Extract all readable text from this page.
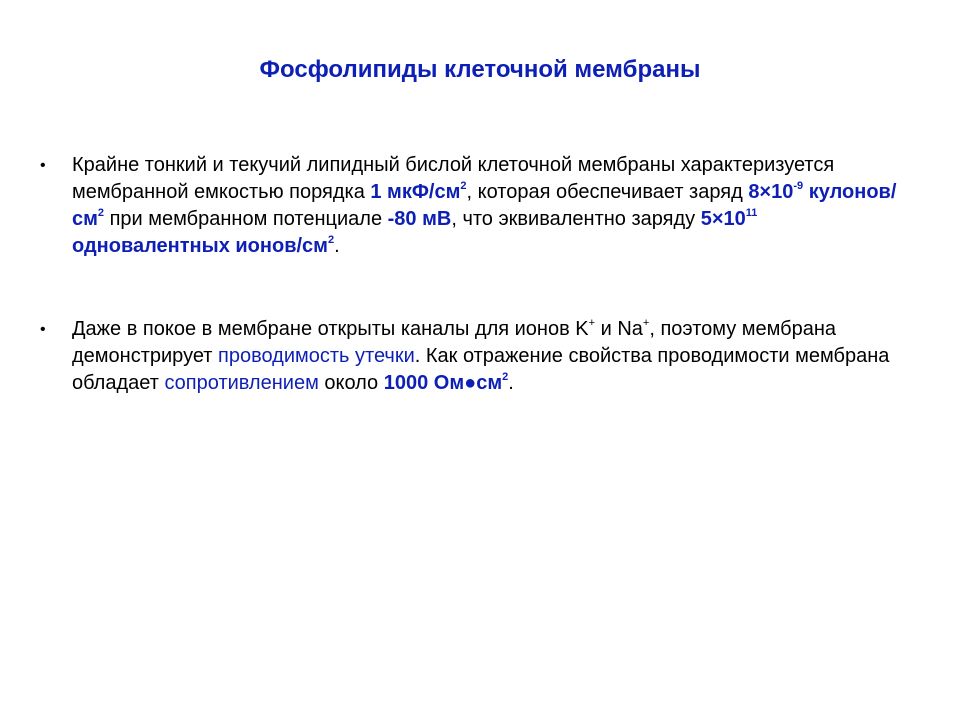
Фосфолипиды клеточной мембраны
•	Крайне тонкий и текучий липидный бислой клеточной мембраны характеризуется мембранной емкостью порядка 1 мкФ/$см^2$, которая обеспечивает заряд $8\times 10^{-9}$ кулонов/$см^2$ при мембранном потенциале -80 мВ, что эквивалентно заряду $5\times 10^{11}$
одновалентных ионов/$см^2$.
•	Даже в покое в мембране открыты каналы для ионов K+ и Na+, поэтому мембрана демонстрирует проводимость утечки. Как отражение свойства проводимости мембрана обладает сопротивлением около 1000 $Ом●см^2$.
